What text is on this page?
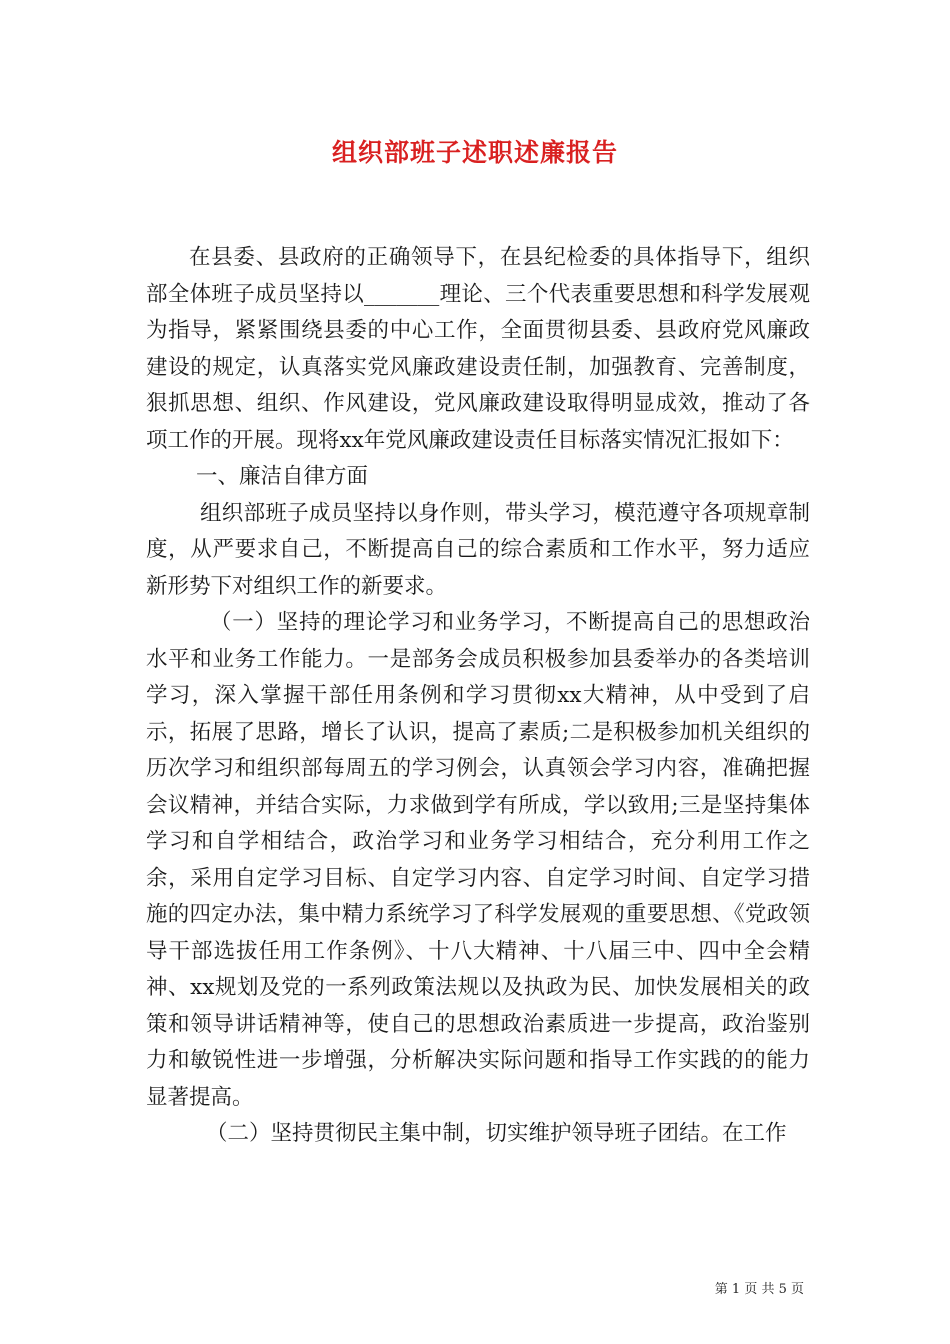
组织部班子述职述廉报告

在县委、县政府的正确领导下，在县纪检委的具体指导下，组织部全体班子成员坚持以_______理论、三个代表重要思想和科学发展观为指导，紧紧围绕县委的中心工作，全面贯彻县委、县政府党风廉政建设的规定，认真落实党风廉政建设责任制，加强教育、完善制度，狠抓思想、组织、作风建设，党风廉政建设取得明显成效，推动了各项工作的开展。现将xx年党风廉政建设责任目标落实情况汇报如下：

一、廉洁自律方面

组织部班子成员坚持以身作则，带头学习，模范遵守各项规章制度，从严要求自己，不断提高自己的综合素质和工作水平，努力适应新形势下对组织工作的新要求。

（一）坚持的理论学习和业务学习，不断提高自己的思想政治水平和业务工作能力。一是部务会成员积极参加县委举办的各类培训学习，深入掌握干部任用条例和学习贯彻xx大精神，从中受到了启示，拓展了思路，增长了认识，提高了素质;二是积极参加机关组织的历次学习和组织部每周五的学习例会，认真领会学习内容，准确把握会议精神，并结合实际，力求做到学有所成，学以致用;三是坚持集体学习和自学相结合，政治学习和业务学习相结合，充分利用工作之余，采用自定学习目标、自定学习内容、自定学习时间、自定学习措施的四定办法，集中精力系统学习了科学发展观的重要思想、《党政领导干部选拔任用工作条例》、十八大精神、十八届三中、四中全会精神、xx规划及党的一系列政策法规以及执政为民、加快发展相关的政策和领导讲话精神等，使自己的思想政治素质进一步提高，政治鉴别力和敏锐性进一步增强，分析解决实际问题和指导工作实践的的能力显著提高。

（二）坚持贯彻民主集中制，切实维护领导班子团结。在工作

第 1 页 共 5 页
